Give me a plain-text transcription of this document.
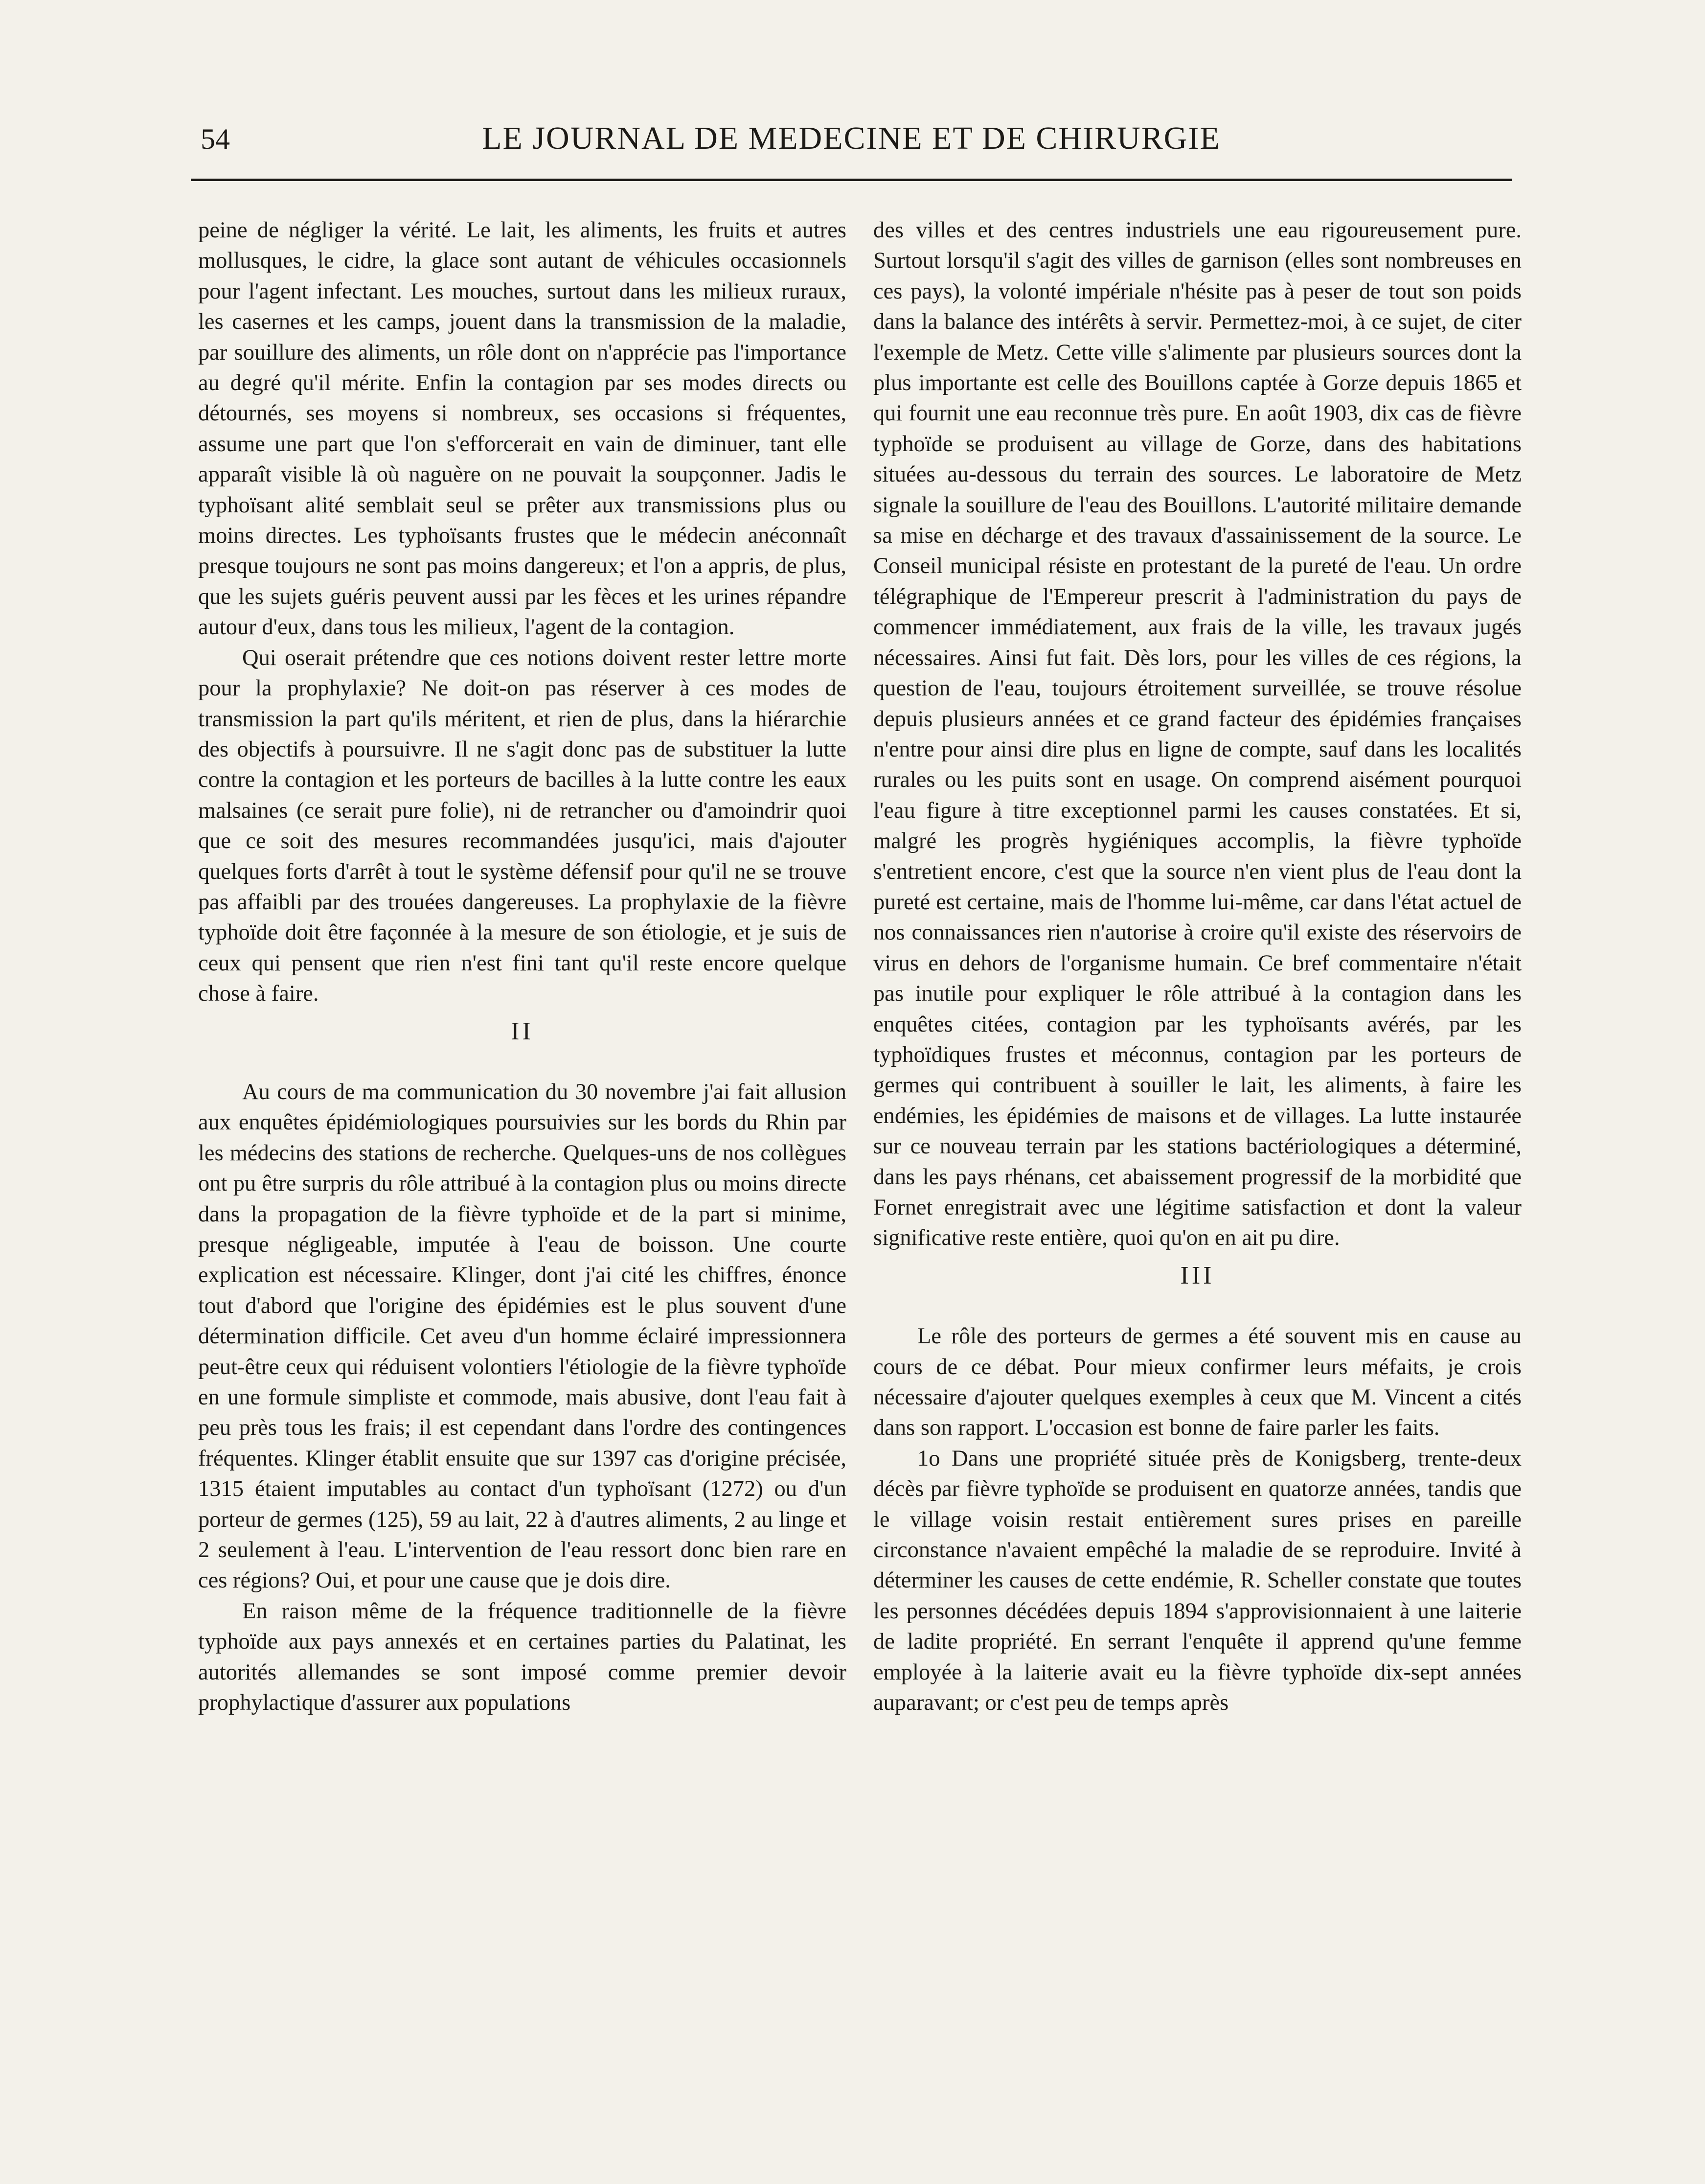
54	LE JOURNAL DE MEDECINE ET DE CHIRURGIE

peine de négliger la vérité. Le lait, les aliments, les fruits et autres mollusques, le cidre, la glace sont autant de véhicules occasionnels pour l'agent infectant. Les mouches, surtout dans les milieux ruraux, les casernes et les camps, jouent dans la transmission de la maladie, par souillure des aliments, un rôle dont on n'apprécie pas l'importance au degré qu'il mérite. Enfin la contagion par ses modes directs ou détournés, ses moyens si nombreux, ses occasions si fréquentes, assume une part que l'on s'efforcerait en vain de diminuer, tant elle apparaît visible là où naguère on ne pouvait la soupçonner. Jadis le typhoïsant alité semblait seul se prêter aux transmissions plus ou moins directes. Les typhoïsants frustes que le médecin anéconnaît presque toujours ne sont pas moins dangereux; et l'on a appris, de plus, que les sujets guéris peuvent aussi par les fèces et les urines répandre autour d'eux, dans tous les milieux, l'agent de la contagion.

Qui oserait prétendre que ces notions doivent rester lettre morte pour la prophylaxie? Ne doit-on pas réserver à ces modes de transmission la part qu'ils méritent, et rien de plus, dans la hiérarchie des objectifs à poursuivre. Il ne s'agit donc pas de substituer la lutte contre la contagion et les porteurs de bacilles à la lutte contre les eaux malsaines (ce serait pure folie), ni de retrancher ou d'amoindrir quoi que ce soit des mesures recommandées jusqu'ici, mais d'ajouter quelques forts d'arrêt à tout le système défensif pour qu'il ne se trouve pas affaibli par des trouées dangereuses. La prophylaxie de la fièvre typhoïde doit être façonnée à la mesure de son étiologie, et je suis de ceux qui pensent que rien n'est fini tant qu'il reste encore quelque chose à faire.

II

Au cours de ma communication du 30 novembre j'ai fait allusion aux enquêtes épidémiologiques poursuivies sur les bords du Rhin par les médecins des stations de recherche. Quelques-uns de nos collègues ont pu être surpris du rôle attribué à la contagion plus ou moins directe dans la propagation de la fièvre typhoïde et de la part si minime, presque négligeable, imputée à l'eau de boisson. Une courte explication est nécessaire. Klinger, dont j'ai cité les chiffres, énonce tout d'abord que l'origine des épidémies est le plus souvent d'une détermination difficile. Cet aveu d'un homme éclairé impressionnera peut-être ceux qui réduisent volontiers l'étiologie de la fièvre typhoïde en une formule simpliste et commode, mais abusive, dont l'eau fait à peu près tous les frais; il est cependant dans l'ordre des contingences fréquentes. Klinger établit ensuite que sur 1397 cas d'origine précisée, 1315 étaient imputables au contact d'un typhoïsant (1272) ou d'un porteur de germes (125), 59 au lait, 22 à d'autres aliments, 2 au linge et 2 seulement à l'eau. L'intervention de l'eau ressort donc bien rare en ces régions? Oui, et pour une cause que je dois dire.

En raison même de la fréquence traditionnelle de la fièvre typhoïde aux pays annexés et en certaines parties du Palatinat, les autorités allemandes se sont imposé comme premier devoir prophylactique d'assurer aux populations

des villes et des centres industriels une eau rigoureusement pure. Surtout lorsqu'il s'agit des villes de garnison (elles sont nombreuses en ces pays), la volonté impériale n'hésite pas à peser de tout son poids dans la balance des intérêts à servir. Permettez-moi, à ce sujet, de citer l'exemple de Metz. Cette ville s'alimente par plusieurs sources dont la plus importante est celle des Bouillons captée à Gorze depuis 1865 et qui fournit une eau reconnue très pure. En août 1903, dix cas de fièvre typhoïde se produisent au village de Gorze, dans des habitations situées au-dessous du terrain des sources. Le laboratoire de Metz signale la souillure de l'eau des Bouillons. L'autorité militaire demande sa mise en décharge et des travaux d'assainissement de la source. Le Conseil municipal résiste en protestant de la pureté de l'eau. Un ordre télégraphique de l'Empereur prescrit à l'administration du pays de commencer immédiatement, aux frais de la ville, les travaux jugés nécessaires. Ainsi fut fait. Dès lors, pour les villes de ces régions, la question de l'eau, toujours étroitement surveillée, se trouve résolue depuis plusieurs années et ce grand facteur des épidémies françaises n'entre pour ainsi dire plus en ligne de compte, sauf dans les localités rurales ou les puits sont en usage. On comprend aisément pourquoi l'eau figure à titre exceptionnel parmi les causes constatées. Et si, malgré les progrès hygiéniques accomplis, la fièvre typhoïde s'entretient encore, c'est que la source n'en vient plus de l'eau dont la pureté est certaine, mais de l'homme lui-même, car dans l'état actuel de nos connaissances rien n'autorise à croire qu'il existe des réservoirs de virus en dehors de l'organisme humain. Ce bref commentaire n'était pas inutile pour expliquer le rôle attribué à la contagion dans les enquêtes citées, contagion par les typhoïsants avérés, par les typhoïdiques frustes et méconnus, contagion par les porteurs de germes qui contribuent à souiller le lait, les aliments, à faire les endémies, les épidémies de maisons et de villages. La lutte instaurée sur ce nouveau terrain par les stations bactériologiques a déterminé, dans les pays rhénans, cet abaissement progressif de la morbidité que Fornet enregistrait avec une légitime satisfaction et dont la valeur significative reste entière, quoi qu'on en ait pu dire.

III

Le rôle des porteurs de germes a été souvent mis en cause au cours de ce débat. Pour mieux confirmer leurs méfaits, je crois nécessaire d'ajouter quelques exemples à ceux que M. Vincent a cités dans son rapport. L'occasion est bonne de faire parler les faits.

1o Dans une propriété située près de Konigsberg, trente-deux décès par fièvre typhoïde se produisent en quatorze années, tandis que le village voisin restait entièrement sures prises en pareille circonstance n'avaient empêché la maladie de se reproduire. Invité à déterminer les causes de cette endémie, R. Scheller constate que toutes les personnes décédées depuis 1894 s'approvisionnaient à une laiterie de ladite propriété. En serrant l'enquête il apprend qu'une femme employée à la laiterie avait eu la fièvre typhoïde dix-sept années auparavant; or c'est peu de temps après
